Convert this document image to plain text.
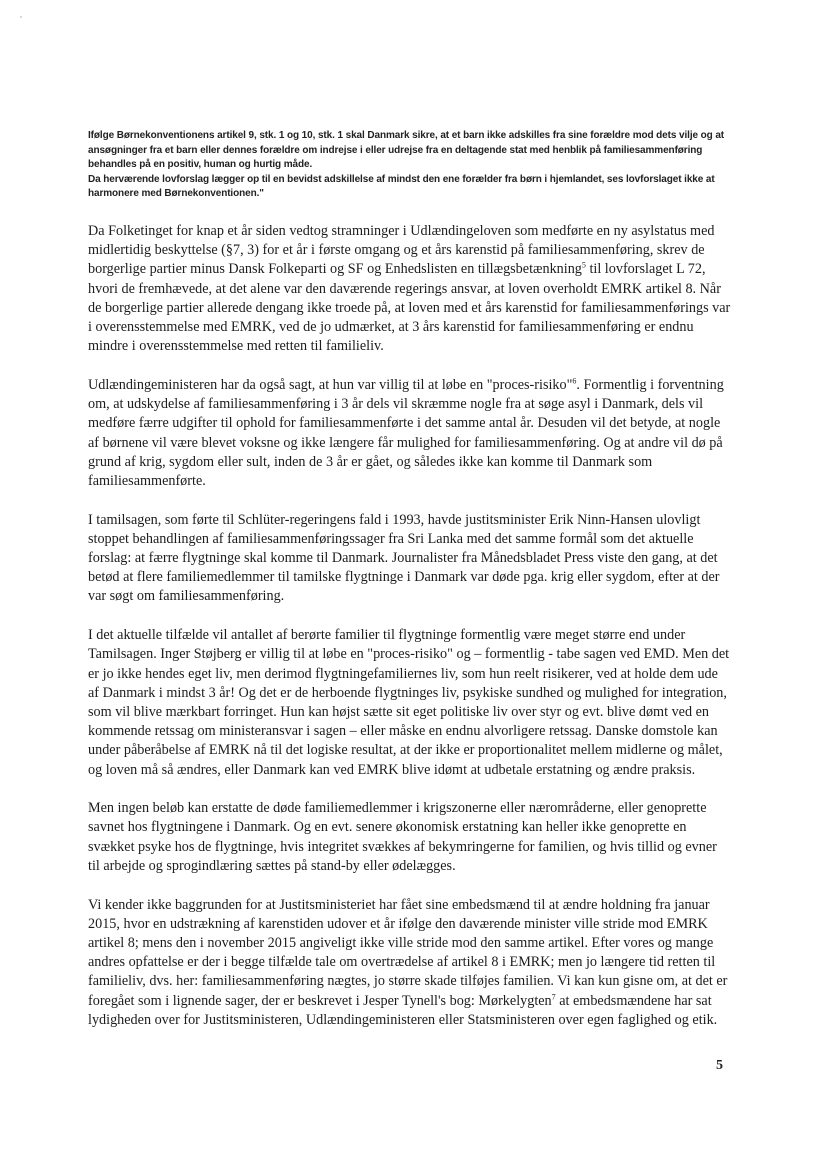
Ifølge Børnekonventionens artikel 9, stk. 1 og 10, stk. 1 skal Danmark sikre, at et barn ikke adskilles fra sine forældre mod dets vilje og at ansøgninger fra et barn eller dennes forældre om indrejse i eller udrejse fra en deltagende stat med henblik på familiesammenføring behandles på en positiv, human og hurtig måde.

Da herværende lovforslag lægger op til en bevidst adskillelse af mindst den ene forælder fra børn i hjemlandet, ses lovforslaget ikke at harmonere med Børnekonventionen."

Da Folketinget for knap et år siden vedtog stramninger i Udlændingeloven som medførte en ny asylstatus med midlertidig beskyttelse (§7, 3) for et år i første omgang og et års karenstid på familiesammenføring, skrev de borgerlige partier minus Dansk Folkeparti og SF og Enhedslisten en tillægsbetænkning$^5$ til lovforslaget L 72, hvori de fremhævede, at det alene var den daværende regerings ansvar, at loven overholdt EMRK artikel 8. Når de borgerlige partier allerede dengang ikke troede på, at loven med et års karenstid for familiesammenførings var i overensstemmelse med EMRK, ved de jo udmærket, at 3 års karenstid for familiesammenføring er endnu mindre i overensstemmelse med retten til familieliv.

Udlændingeministeren har da også sagt, at hun var villig til at løbe en "proces-risiko"$^6$. Formentlig i forventning om, at udskydelse af familiesammenføring i 3 år dels vil skræmme nogle fra at søge asyl i Danmark, dels vil medføre færre udgifter til ophold for familiesammenførte i det samme antal år. Desuden vil det betyde, at nogle af børnene vil være blevet voksne og ikke længere får mulighed for familiesammenføring. Og at andre vil dø på grund af krig, sygdom eller sult, inden de 3 år er gået, og således ikke kan komme til Danmark som familiesammenførte.

I tamilsagen, som førte til Schlüter-regeringens fald i 1993, havde justitsminister Erik Ninn-Hansen ulovligt stoppet behandlingen af familiesammenføringssager fra Sri Lanka med det samme formål som det aktuelle forslag: at færre flygtninge skal komme til Danmark. Journalister fra Månedsbladet Press viste den gang, at det betød at flere familiemedlemmer til tamilske flygtninge i Danmark var døde pga. krig eller sygdom, efter at der var søgt om familiesammenføring.

I det aktuelle tilfælde vil antallet af berørte familier til flygtninge formentlig være meget større end under Tamilsagen. Inger Støjberg er villig til at løbe en "proces-risiko" og – formentlig - tabe sagen ved EMD. Men det er jo ikke hendes eget liv, men derimod flygtningefamiliernes liv, som hun reelt risikerer, ved at holde dem ude af Danmark i mindst 3 år! Og det er de herboende flygtninges liv, psykiske sundhed og mulighed for integration, som vil blive mærkbart forringet. Hun kan højst sætte sit eget politiske liv over styr og evt. blive dømt ved en kommende retssag om ministeransvar i sagen – eller måske en endnu alvorligere retssag. Danske domstole kan under påberåbelse af EMRK nå til det logiske resultat, at der ikke er proportionalitet mellem midlerne og målet, og loven må så ændres, eller Danmark kan ved EMRK blive idømt at udbetale erstatning og ændre praksis.

Men ingen beløb kan erstatte de døde familiemedlemmer i krigszonerne eller nærområderne, eller genoprette savnet hos flygtningene i Danmark. Og en evt. senere økonomisk erstatning kan heller ikke genoprette en svækket psyke hos de flygtninge, hvis integritet svækkes af bekymringerne for familien, og hvis tillid og evner til arbejde og sprogindlæring sættes på stand-by eller ødelægges.

Vi kender ikke baggrunden for at Justitsministeriet har fået sine embedsmænd til at ændre holdning fra januar 2015, hvor en udstrækning af karenstiden udover et år ifølge den daværende minister ville stride mod EMRK artikel 8; mens den i november 2015 angiveligt ikke ville stride mod den samme artikel. Efter vores og mange andres opfattelse er der i begge tilfælde tale om overtrædelse af artikel 8 i EMRK; men jo længere tid retten til familieliv, dvs. her: familiesammenføring nægtes, jo større skade tilføjes familien. Vi kan kun gisne om, at det er foregået som i lignende sager, der er beskrevet i Jesper Tynell's bog: Mørkelygten$^7$ at embedsmændene har sat lydigheden over for Justitsministeren, Udlændingeministeren eller Statsministeren over egen faglighed og etik.

5
